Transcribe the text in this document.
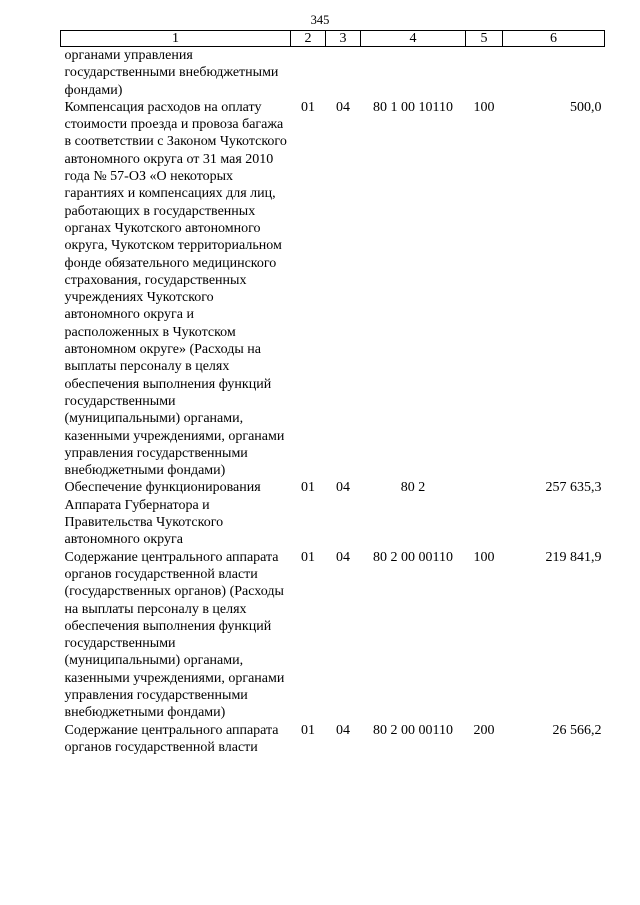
345
1	2	3	4	5	6
органами управления государственными внебюджетными фондами)					
Компенсация расходов на оплату стоимости проезда и провоза багажа в соответствии с Законом Чукотского автономного округа от 31 мая 2010 года № 57-ОЗ «О некоторых гарантиях и компенсациях для лиц, работающих в государственных органах Чукотского автономного округа, Чукотском территориальном фонде обязательного медицинского страхования, государственных учреждениях Чукотского автономного округа и расположенных в Чукотском автономном округе» (Расходы на выплаты персоналу в целях обеспечения выполнения функций государственными (муниципальными) органами, казенными учреждениями, органами управления государственными внебюджетными фондами)	01	04	80 1 00 10110	100	500,0
Обеспечение функционирования Аппарата Губернатора и Правительства Чукотского автономного округа	01	04	80 2		257 635,3
Содержание центрального аппарата органов государственной власти (государственных органов) (Расходы на выплаты персоналу в целях обеспечения выполнения функций государственными (муниципальными) органами, казенными учреждениями, органами управления государственными внебюджетными фондами)	01	04	80 2 00 00110	100	219 841,9
Содержание центрального аппарата органов государственной власти	01	04	80 2 00 00110	200	26 566,2
